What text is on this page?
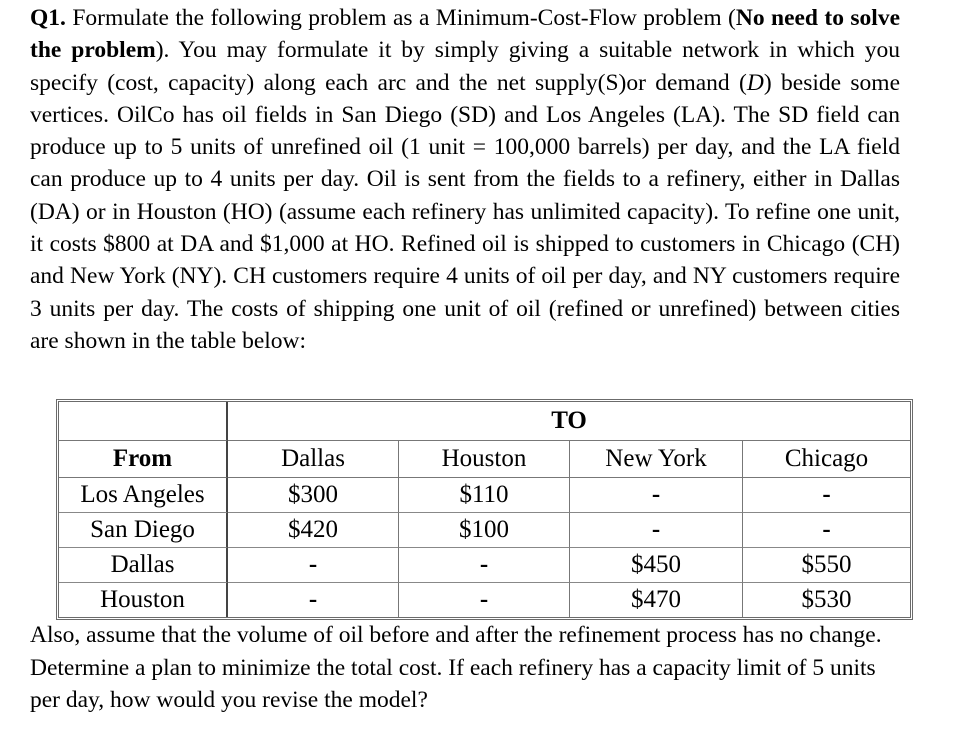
Q1. Formulate the following problem as a Minimum-Cost-Flow problem (No need to solve the problem). You may formulate it by simply giving a suitable network in which you specify (cost, capacity) along each arc and the net supply(S)or demand (D) beside some vertices. OilCo has oil fields in San Diego (SD) and Los Angeles (LA). The SD field can produce up to 5 units of unrefined oil (1 unit = 100,000 barrels) per day, and the LA field can produce up to 4 units per day. Oil is sent from the fields to a refinery, either in Dallas (DA) or in Houston (HO) (assume each refinery has unlimited capacity). To refine one unit, it costs $800 at DA and $1,000 at HO. Refined oil is shipped to customers in Chicago (CH) and New York (NY). CH customers require 4 units of oil per day, and NY customers require 3 units per day. The costs of shipping one unit of oil (refined or unrefined) between cities are shown in the table below:

	TO			
From	Dallas	Houston	New York	Chicago
Los Angeles	$300	$110	-	-
San Diego	$420	$100	-	-
Dallas	-	-	$450	$550
Houston	-	-	$470	$530

Also, assume that the volume of oil before and after the refinement process has no change. Determine a plan to minimize the total cost. If each refinery has a capacity limit of 5 units per day, how would you revise the model?
